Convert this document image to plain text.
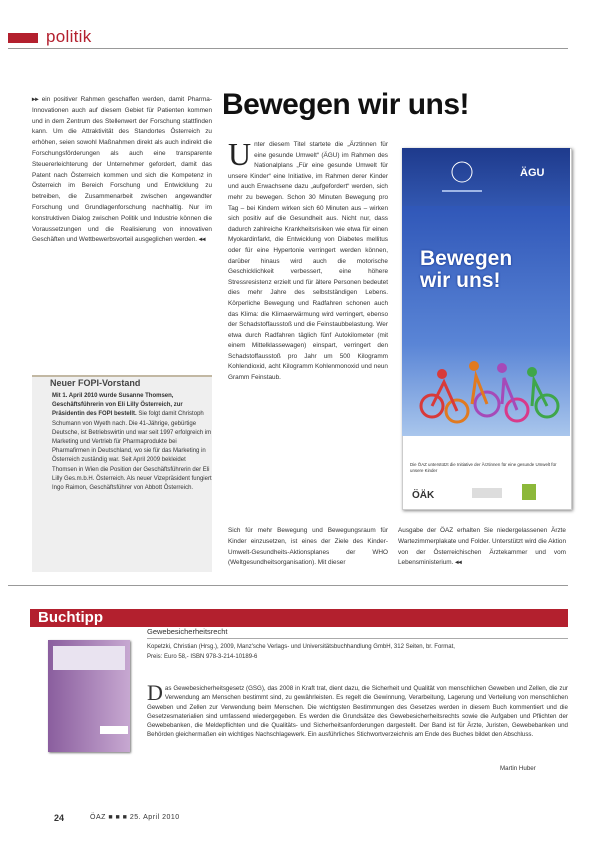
politik
▸▸ ein positiver Rahmen geschaffen werden, damit Pharma-Innovationen auch auf diesem Gebiet für Patienten kommen und in dem Zentrum des Stellenwert der Forschung stattfinden kann. Um die Attraktivität des Standortes Österreich zu erhöhen, seien sowohl Maßnahmen direkt als auch indirekt die Forschungsförderungen als auch eine transparente Steuererleichterung der Unternehmer gefordert, damit das Patent nach Österreich kommen und sich die Kompetenz in Österreich im Bereich Forschung und Entwicklung zu betreiben, die Zusammenarbeit zwischen angewandter Forschung und Grundlagenforschung nachhaltig. Nur im konstruktiven Dialog zwischen Politik und Industrie können die Voraussetzungen und die Realisierung von innovativen Geschäften und Wettbewerbsvorteil ausgeglichen werden. ◂◂
Neuer FOPI-Vorstand
Mit 1. April 2010 wurde Susanne Thomsen, Geschäftsführerin von Eli Lilly Österreich, zur Präsidentin des FOPI bestellt. Sie folgt damit Christoph Schumann von Wyeth nach. Die 41-Jährige, gebürtige Deutsche, ist Betriebswirtin und war seit 1997 erfolgreich im Marketing und Vertrieb für Pharmaprodukte bei Pharmafirmen in Deutschland, wo sie für das Marketing in Österreich zuständig war. Seit April 2009 bekleidet Thomsen in Wien die Position der Geschäftsführerin der Eli Lilly Ges.m.b.H. Österreich. Als neuer Vizepräsident fungiert Ingo Raimon, Geschäftsführer von Abbott Österreich.
Bewegen wir uns!
Unter diesem Titel startete die „Ärztinnen für eine gesunde Umwelt“ (ÄGU) im Rahmen des Nationalplans „Für eine gesunde Umwelt für unsere Kinder“ eine Initiative, im Rahmen derer Kinder und auch Erwachsene dazu „aufgefordert“ werden, sich mehr zu bewegen. Schon 30 Minuten Bewegung pro Tag – bei Kindern wirken sich 60 Minuten aus – wirken sich positiv auf die Gesundheit aus. Nicht nur, dass dadurch zahlreiche Krankheitsrisiken wie etwa für einen Myokardinfarkt, die Entwicklung von Diabetes mellitus oder für eine Hypertonie verringert werden können, darüber hinaus wird auch die motorische Geschicklichkeit verbessert, eine höhere Stressresistenz erzielt und für ältere Personen bedeutet dies mehr Jahre des selbstständigen Lebens. Körperliche Bewegung und Radfahren schonen auch das Klima: die Klimaerwärmung wird verringert, ebenso der Schadstoffausstoß und die Feinstaubbelastung. Wer etwa durch Radfahren täglich fünf Autokilometer (mit einem Mittelklassewagen) einspart, verringert den Schadstoffausstoß pro Jahr um 500 Kilogramm Kohlendioxid, acht Kilogramm Kohlenmonoxid und neun Gramm Feinstaub.
Sich für mehr Bewegung und Bewegungsraum für Kinder einzusetzen, ist eines der Ziele des Kinder-Umwelt-Gesundheits-Aktionsplanes der WHO (Weltgesundheitsorganisation). Mit dieser
Ausgabe der ÖAZ erhalten Sie niedergelassenen Ärzte Wartezimmerplakate und Folder. Unterstützt wird die Aktion von der Österreichischen Ärztekammer und vom Lebensministerium. ◂◂
ÄGU
Bewegen
wir uns!
Die ÖAZ unterstützt die Initiative der Ärztinnen für eine gesunde Umwelt für unsere Kinder
ÖÄK
Buchtipp
Gewebesicherheitsrecht
Kopetzki, Christian (Hrsg.), 2009, Manz'sche Verlags- und Universitätsbuchhandlung GmbH, 312 Seiten, br. Format,
Preis: Euro 58,- ISBN 978-3-214-10189-6
Das Gewebesicherheitsgesetz (GSG), das 2008 in Kraft trat, dient dazu, die Sicherheit und Qualität von menschlichen Geweben und Zellen, die zur Verwendung am Menschen bestimmt sind, zu gewährleisten. Es regelt die Gewinnung, Verarbeitung, Lagerung und Verteilung von menschlichen Geweben und Zellen zur Verwendung beim Menschen. Die wichtigsten Bestimmungen des Gesetzes werden in diesem Buch kommentiert und die Gesetzesmaterialien sind umfassend wiedergegeben. Es werden die Grundsätze des Gewebesicherheitsrechts sowie die Aufgaben und Pflichten der Gewebebanken, die Meldepflichten und die Qualitäts- und Sicherheitsanforderungen dargestellt. Der Band ist für Ärzte, Juristen, Gewebebanken und Behörden gleichermaßen ein wichtiges Nachschlagewerk. Ein ausführliches Stichwortverzeichnis am Ende des Buches bildet den Abschluss.
Martin Huber
24	ÖAZ ■ ■ ■ 25. April 2010
